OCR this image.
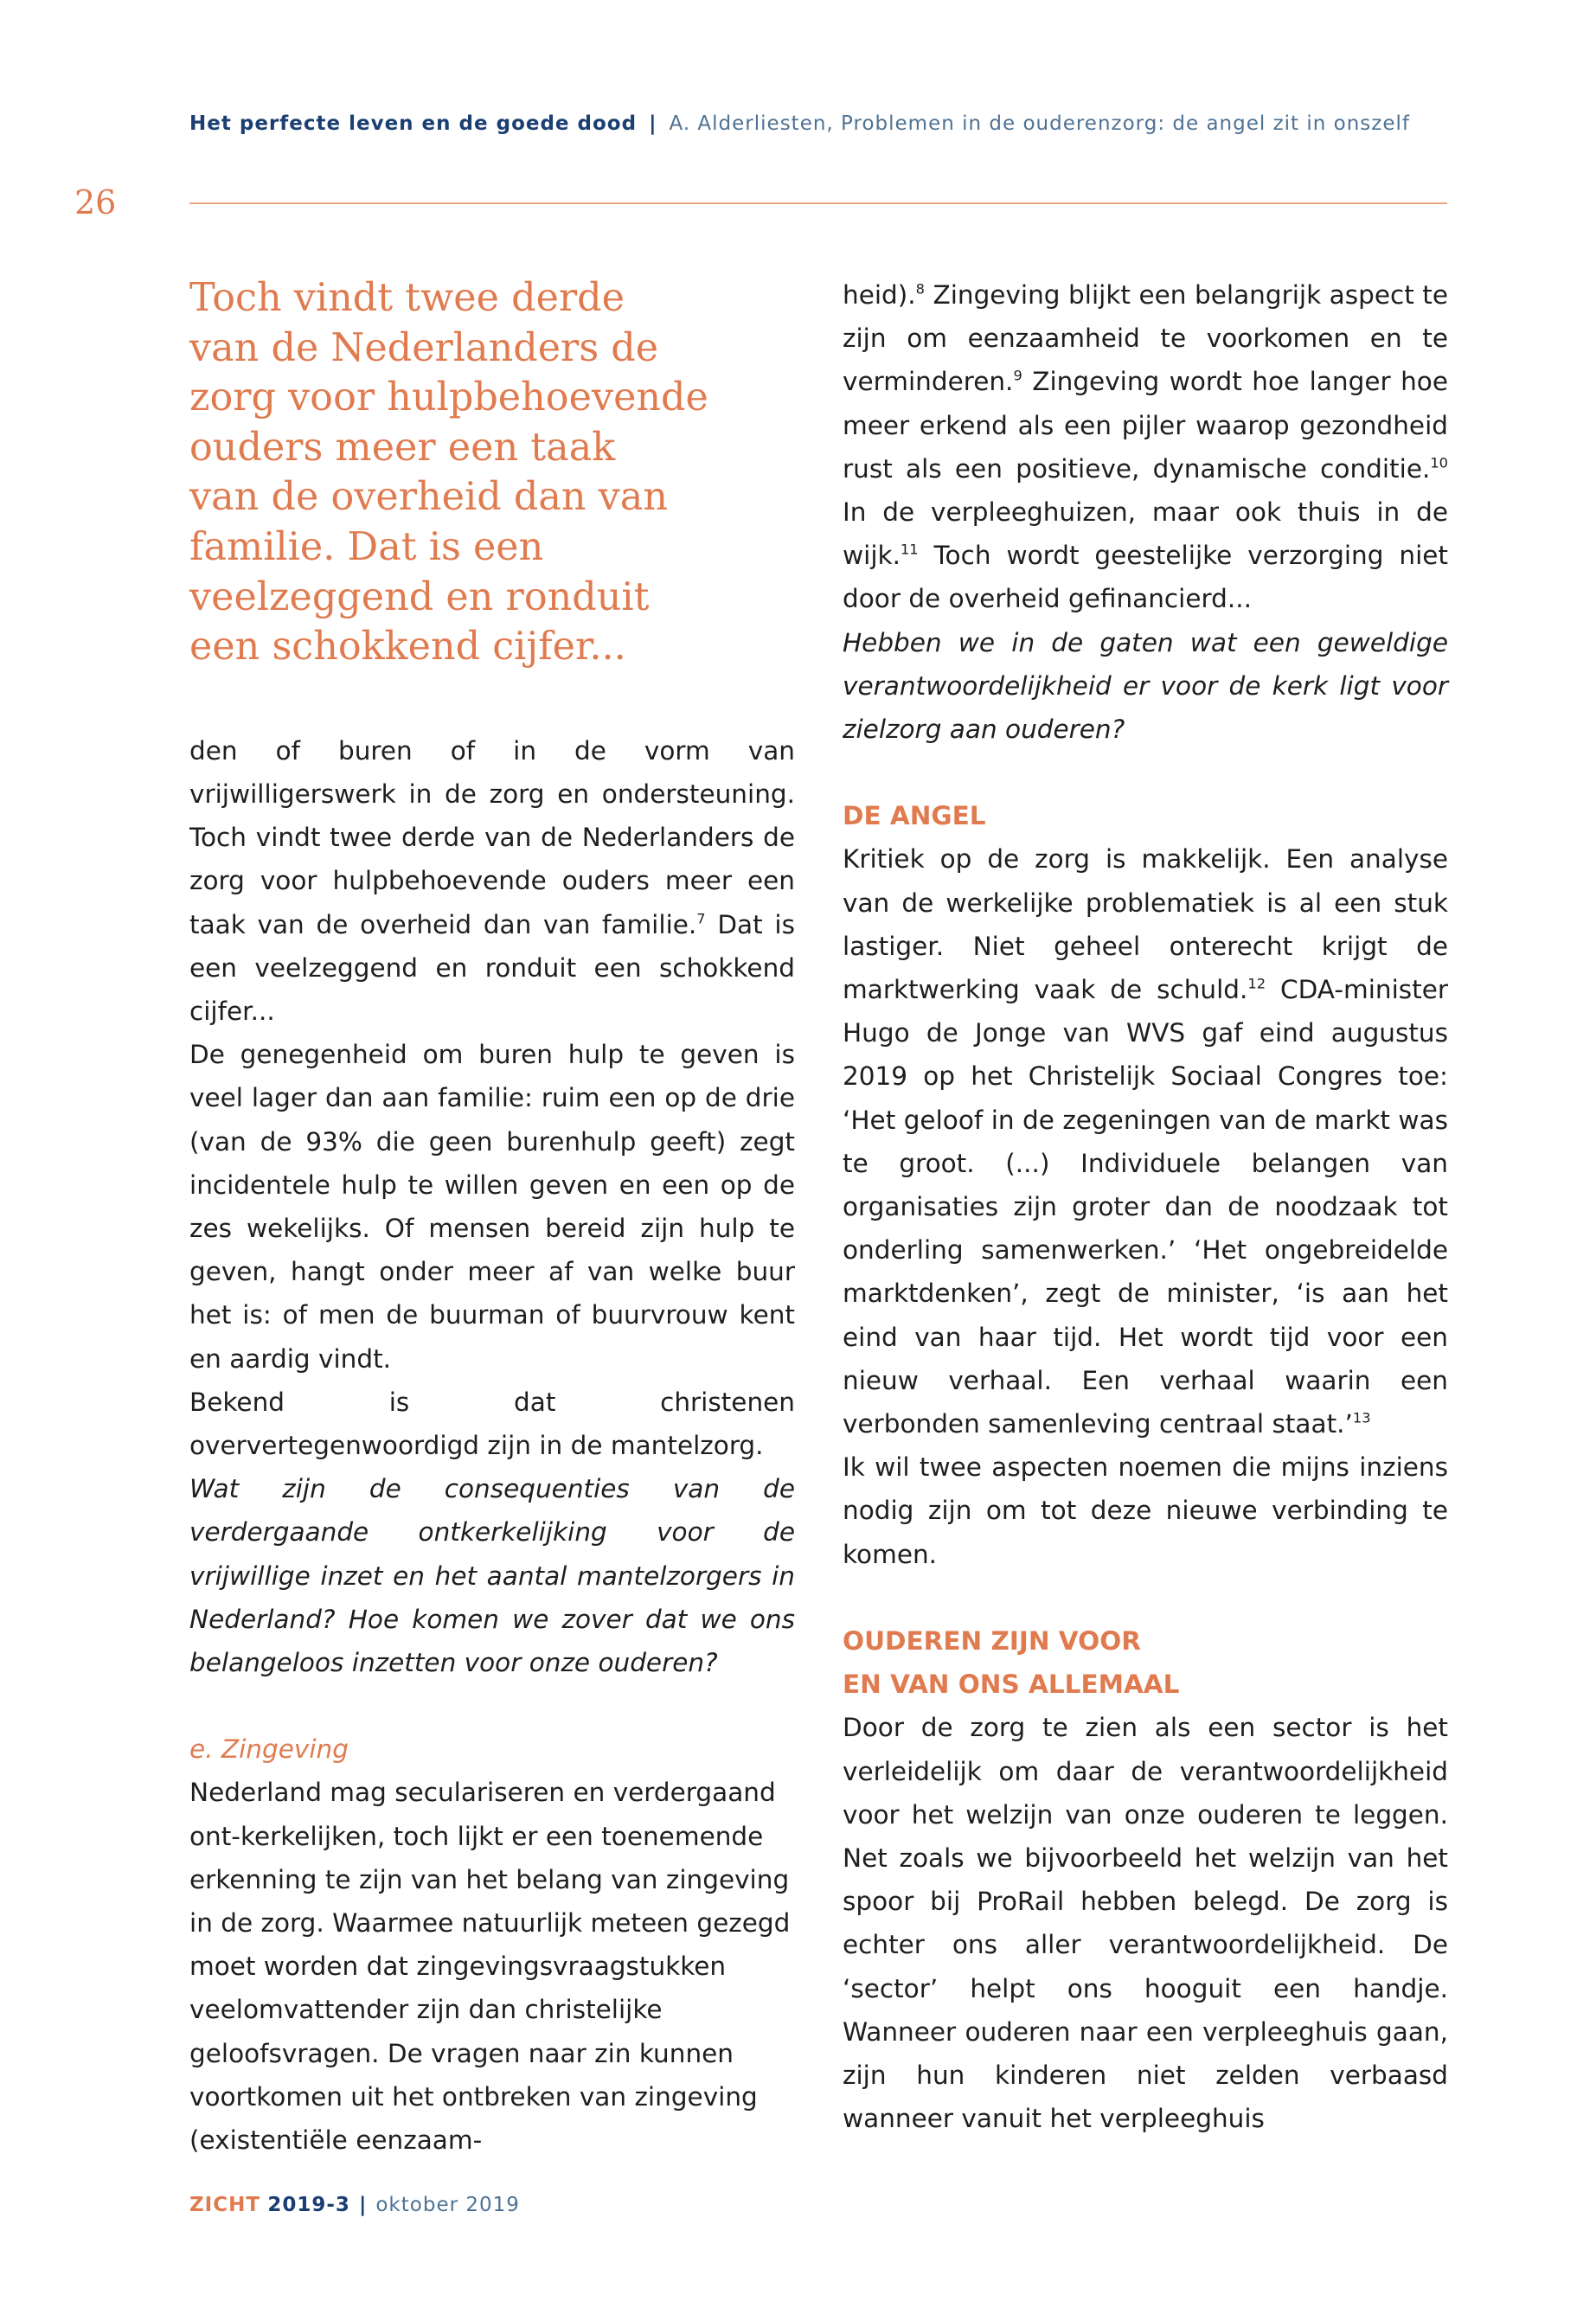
Het perfecte leven en de goede dood | A. Alderliesten, Problemen in de ouderenzorg: de angel zit in onszelf
26
Toch vindt twee derde
van de Nederlanders de
zorg voor hulpbehoevende
ouders meer een taak
van de overheid dan van
familie. Dat is een
veelzeggend en ronduit
een schokkend cijfer...

den of buren of in de vorm van vrijwilligerswerk in de zorg en ondersteuning. Toch vindt twee derde van de Nederlanders de zorg voor hulpbehoevende ouders meer een taak van de overheid dan van familie.$^7$ Dat is een veelzeggend en ronduit een schokkend cijfer...

De genegenheid om buren hulp te geven is veel lager dan aan familie: ruim een op de drie (van de 93% die geen burenhulp geeft) zegt incidentele hulp te willen geven en een op de zes wekelijks. Of mensen bereid zijn hulp te geven, hangt onder meer af van welke buur het is: of men de buurman of buurvrouw kent en aardig vindt.

Bekend is dat christenen oververtegenwoordigd zijn in de mantelzorg.

Wat zijn de consequenties van de verdergaande ontkerkelijking voor de vrijwillige inzet en het aantal mantelzorgers in Nederland? Hoe komen we zover dat we ons belangeloos inzetten voor onze ouderen?

e. Zingeving

Nederland mag seculariseren en verdergaand ont-kerkelijken, toch lijkt er een toenemende erkenning te zijn van het belang van zingeving in de zorg. Waarmee natuurlijk meteen gezegd moet worden dat zingevingsvraagstukken veelomvattender zijn dan christelijke geloofsvragen. De vragen naar zin kunnen voortkomen uit het ontbreken van zingeving (existentiële eenzaam-

heid).$^8$ Zingeving blijkt een belangrijk aspect te zijn om eenzaamheid te voorkomen en te verminderen.$^9$ Zingeving wordt hoe langer hoe meer erkend als een pijler waarop gezondheid rust als een positieve, dynamische conditie.$^{10}$ In de verpleeghuizen, maar ook thuis in de wijk.$^{11}$ Toch wordt geestelijke verzorging niet door de overheid gefinancierd...

Hebben we in de gaten wat een geweldige verantwoordelijkheid er voor de kerk ligt voor zielzorg aan ouderen?

DE ANGEL

Kritiek op de zorg is makkelijk. Een analyse van de werkelijke problematiek is al een stuk lastiger. Niet geheel onterecht krijgt de marktwerking vaak de schuld.$^{12}$ CDA-minister Hugo de Jonge van WVS gaf eind augustus 2019 op het Christelijk Sociaal Congres toe: ‘Het geloof in de zegeningen van de markt was te groot. (...) Individuele belangen van organisaties zijn groter dan de noodzaak tot onderling samenwerken.’ ‘Het ongebreidelde marktdenken’, zegt de minister, ‘is aan het eind van haar tijd. Het wordt tijd voor een nieuw verhaal. Een verhaal waarin een verbonden samenleving centraal staat.’$^{13}$

Ik wil twee aspecten noemen die mijns inziens nodig zijn om tot deze nieuwe verbinding te komen.

OUDEREN ZIJN VOOR
EN VAN ONS ALLEMAAL

Door de zorg te zien als een sector is het verleidelijk om daar de verantwoordelijkheid voor het welzijn van onze ouderen te leggen. Net zoals we bijvoorbeeld het welzijn van het spoor bij ProRail hebben belegd. De zorg is echter ons aller verantwoordelijkheid. De ‘sector’ helpt ons hooguit een handje. Wanneer ouderen naar een verpleeghuis gaan, zijn hun kinderen niet zelden verbaasd wanneer vanuit het verpleeghuis

ZICHT 2019-3 | oktober 2019
